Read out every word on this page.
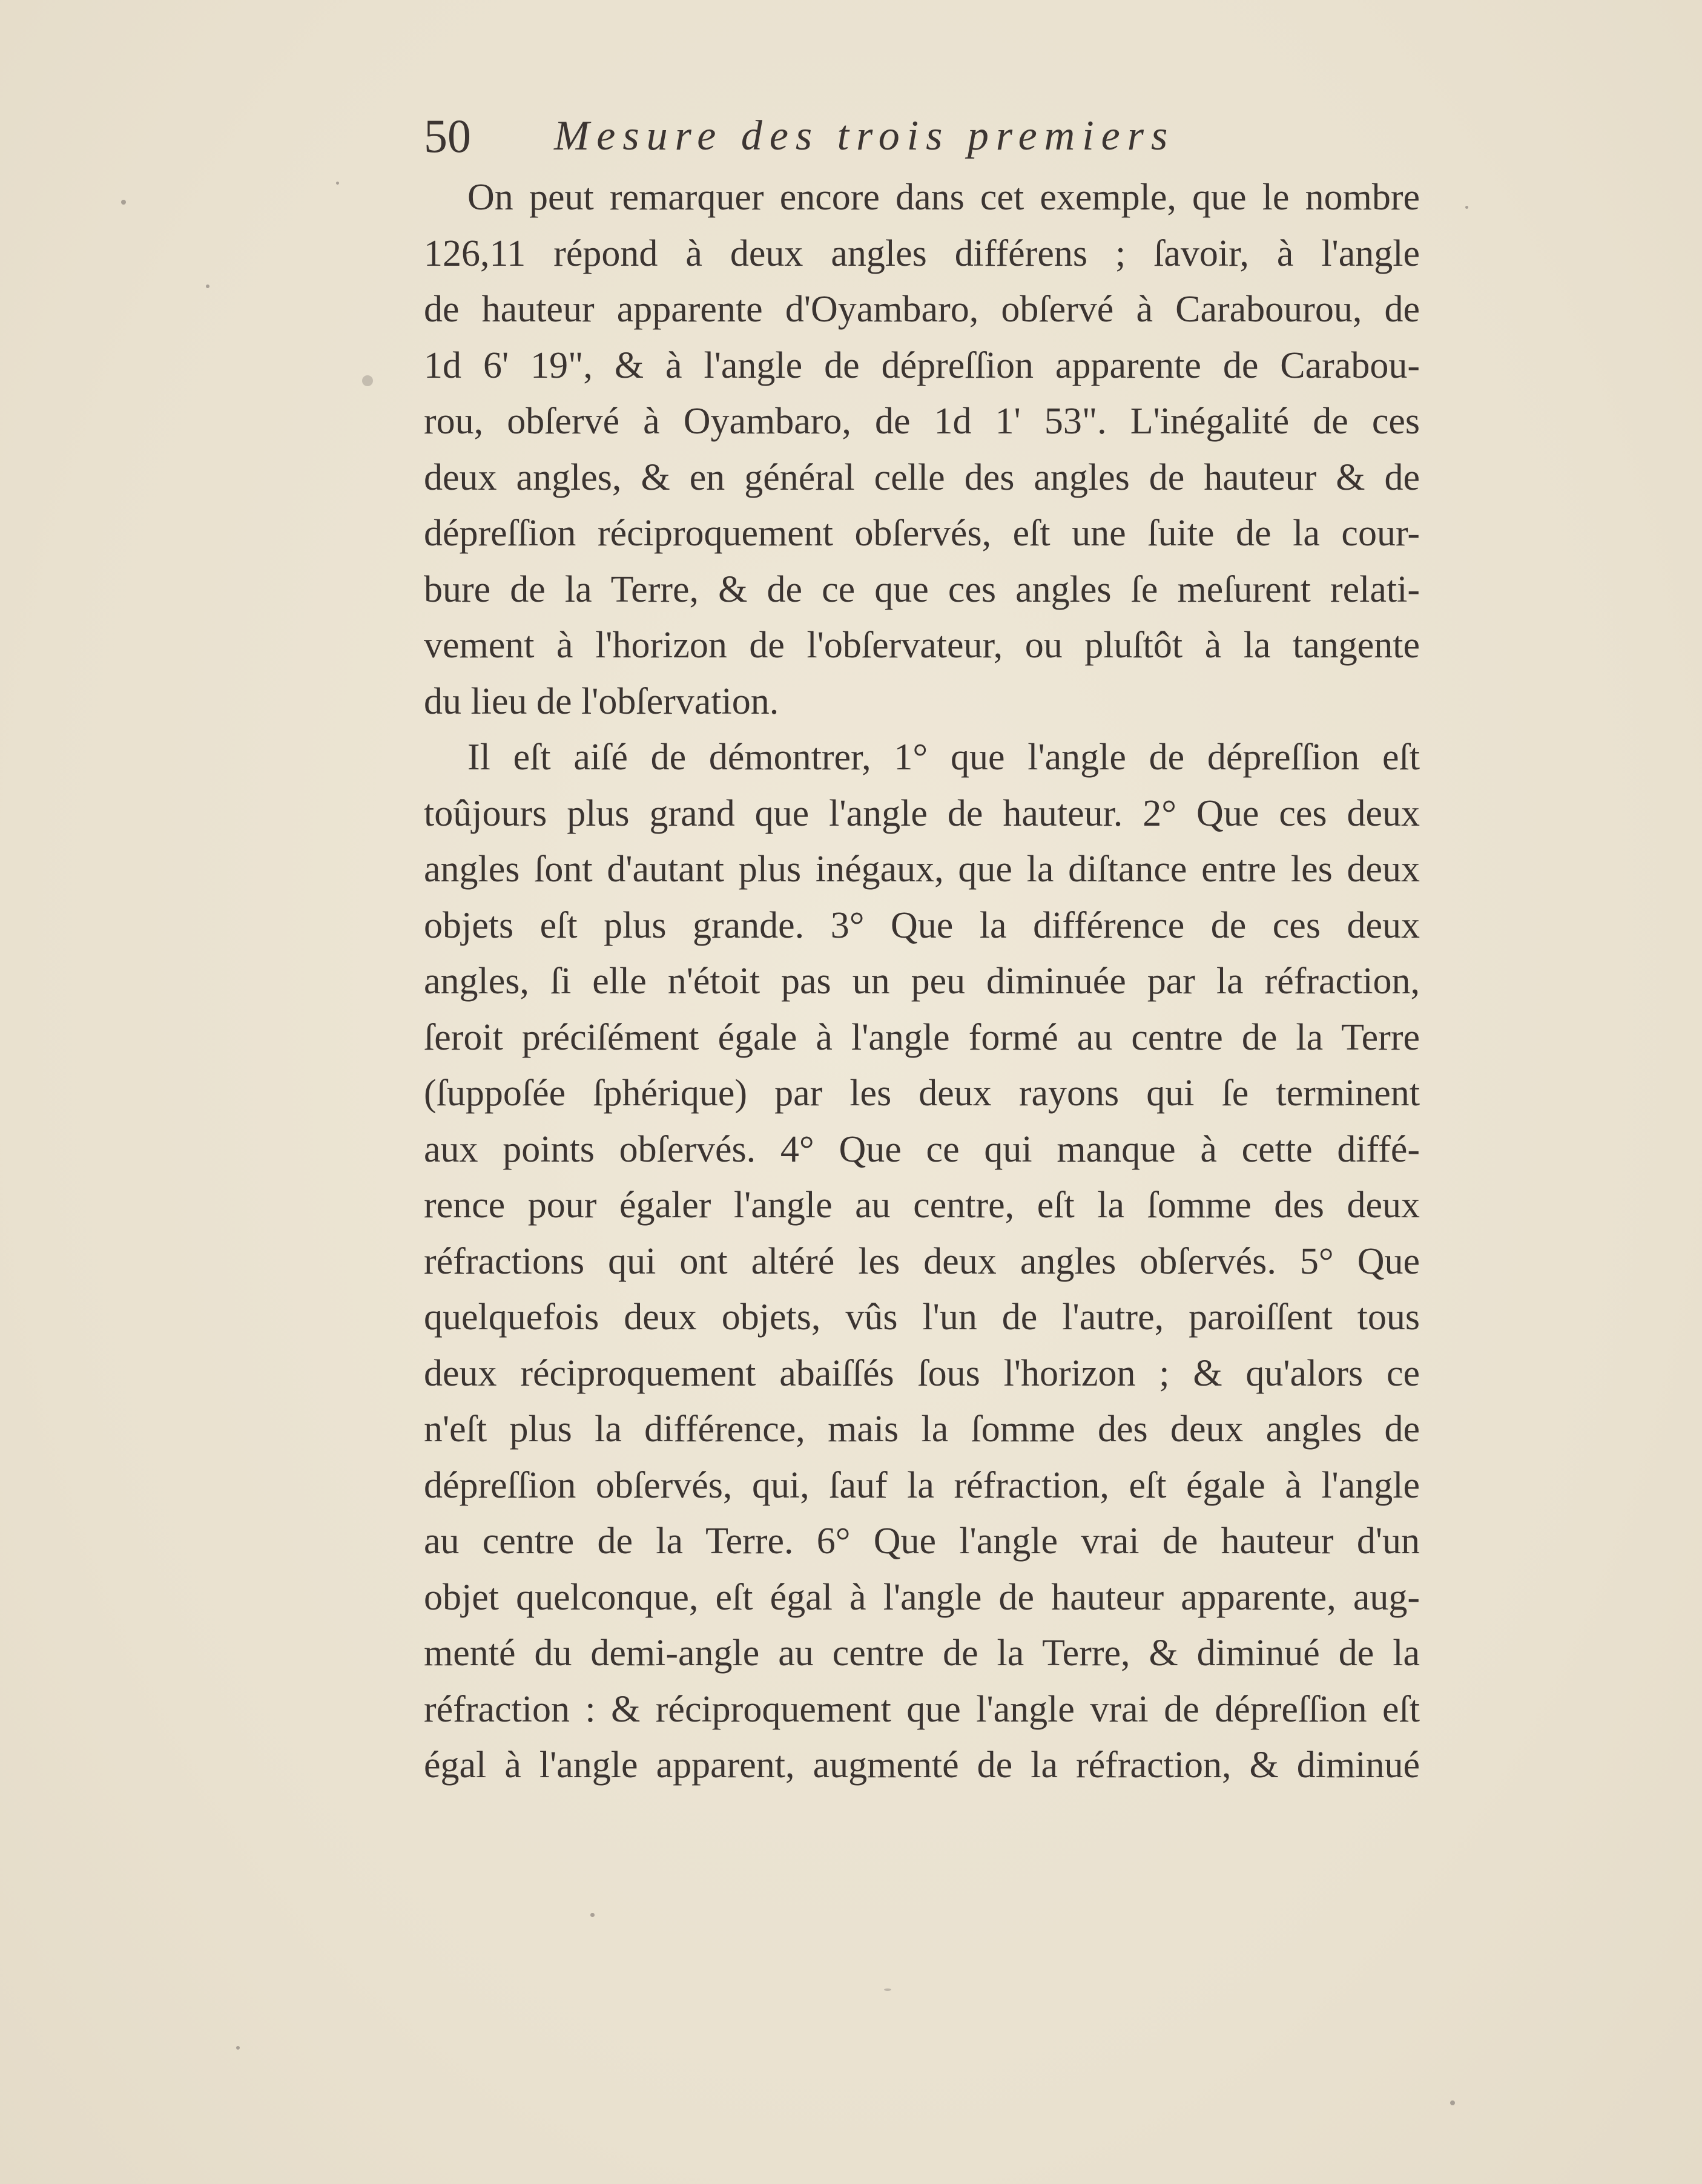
50 Mesure des trois premiers
On peut remarquer encore dans cet exemple, que le nombre
126,11 répond à deux angles différens ; ſavoir, à l'angle
de hauteur apparente d'Oyambaro, obſervé à Carabourou, de
1d 6' 19", & à l'angle de dépreſſion apparente de Carabou-
rou, obſervé à Oyambaro, de 1d 1' 53". L'inégalité de ces
deux angles, & en général celle des angles de hauteur & de
dépreſſion réciproquement obſervés, eſt une ſuite de la cour-
bure de la Terre, & de ce que ces angles ſe meſurent relati-
vement à l'horizon de l'obſervateur, ou pluſtôt à la tangente
du lieu de l'obſervation.
Il eſt aiſé de démontrer, 1° que l'angle de dépreſſion eſt
toûjours plus grand que l'angle de hauteur. 2° Que ces deux
angles ſont d'autant plus inégaux, que la diſtance entre les deux
objets eſt plus grande. 3° Que la différence de ces deux
angles, ſi elle n'étoit pas un peu diminuée par la réfraction,
ſeroit préciſément égale à l'angle formé au centre de la Terre
(ſuppoſée ſphérique) par les deux rayons qui ſe terminent
aux points obſervés. 4° Que ce qui manque à cette diffé-
rence pour égaler l'angle au centre, eſt la ſomme des deux
réfractions qui ont altéré les deux angles obſervés. 5° Que
quelquefois deux objets, vûs l'un de l'autre, paroiſſent tous
deux réciproquement abaiſſés ſous l'horizon ; & qu'alors ce
n'eſt plus la différence, mais la ſomme des deux angles de
dépreſſion obſervés, qui, ſauf la réfraction, eſt égale à l'angle
au centre de la Terre. 6° Que l'angle vrai de hauteur d'un
objet quelconque, eſt égal à l'angle de hauteur apparente, aug-
menté du demi-angle au centre de la Terre, & diminué de la
réfraction : & réciproquement que l'angle vrai de dépreſſion eſt
égal à l'angle apparent, augmenté de la réfraction, & diminué
